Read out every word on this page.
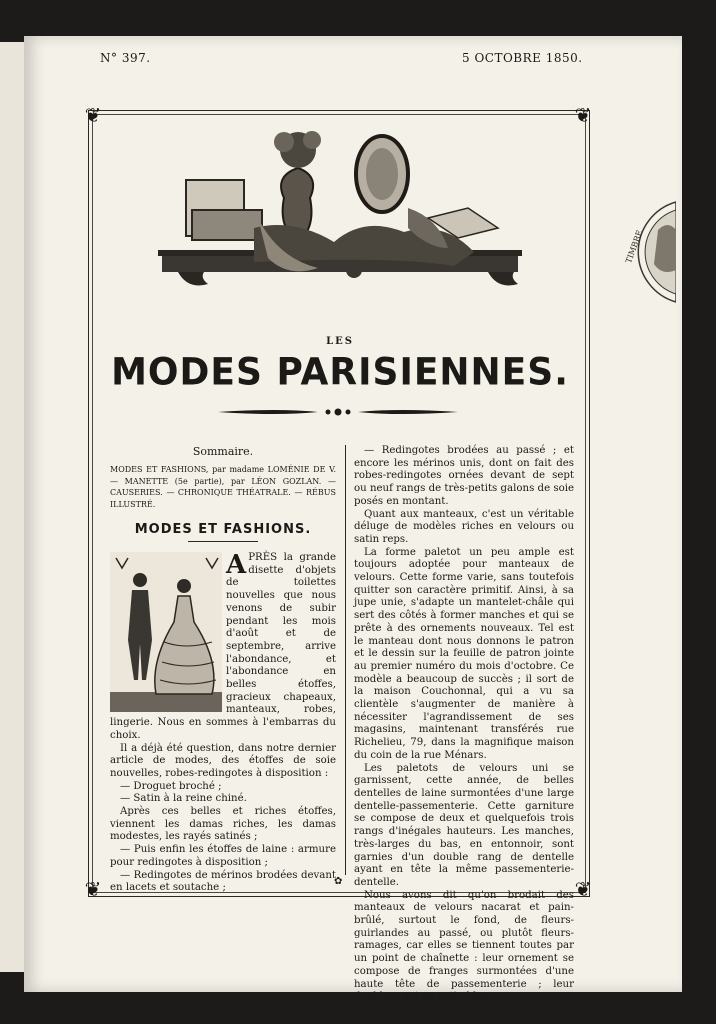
N° 397.	5 OCTOBRE 1850.
❦	❦
❦	❦
LES
MODES PARISIENNES.
Sommaire.
MODES ET FASHIONS, par madame LOMÉNIE DE V. — MANETTE (5e partie), par LÉON GOZLAN. — CAUSERIES. — CHRONIQUE THÉATRALE. — RÉBUS ILLUSTRÉ.
MODES ET FASHIONS.
A PRÈS la grande disette d'objets de toilettes nouvelles que nous venons de subir pendant les mois d'août et de septembre, arrive l'abondance, et l'abondance en belles étoffes, gracieux chapeaux, manteaux, robes, lingerie. Nous en sommes à l'embarras du choix.

Il a déjà été question, dans notre dernier article de modes, des étoffes de soie nouvelles, robes-redingotes à disposition :

— Droguet broché ;

— Satin à la reine chiné.

Après ces belles et riches étoffes, viennent les damas riches, les damas modestes, les rayés satinés ;

— Puis enfin les étoffes de laine : armure pour redingotes à disposition ;

— Redingotes de mérinos brodées devant en lacets et soutache ;

— Redingotes brodées au passé ; et encore les mérinos unis, dont on fait des robes-redingotes ornées devant de sept ou neuf rangs de très-petits galons de soie posés en montant.

Quant aux manteaux, c'est un véritable déluge de modèles riches en velours ou satin reps.

La forme paletot un peu ample est toujours adoptée pour manteaux de velours. Cette forme varie, sans toutefois quitter son caractère primitif. Ainsi, à sa jupe unie, s'adapte un mantelet-châle qui sert des côtés à former manches et qui se prête à des ornements nouveaux. Tel est le manteau dont nous donnons le patron et le dessin sur la feuille de patron jointe au premier numéro du mois d'octobre. Ce modèle a beaucoup de succès ; il sort de la maison Couchonnal, qui a vu sa clientèle s'augmenter de manière à nécessiter l'agrandissement de ses magasins, maintenant transférés rue Richelieu, 79, dans la magnifique maison du coin de la rue Ménars.

Les paletots de velours uni se garnissent, cette année, de belles dentelles de laine surmontées d'une large dentelle-passementerie. Cette garniture se compose de deux et quelquefois trois rangs d'inégales hauteurs. Les manches, très-larges du bas, en entonnoir, sont garnies d'un double rang de dentelle ayant en tête la même passementerie-dentelle.

Nous avons dit qu'on brodait des manteaux de velours nacarat et pain-brûlé, surtout le fond, de fleurs-guirlandes au passé, ou plutôt fleurs-ramages, car elles se tiennent toutes par un point de chaînette : leur ornement se compose de franges surmontées d'une haute tête de passementerie ; leur doublure est en satin blanc.

✿
TIMBRE
